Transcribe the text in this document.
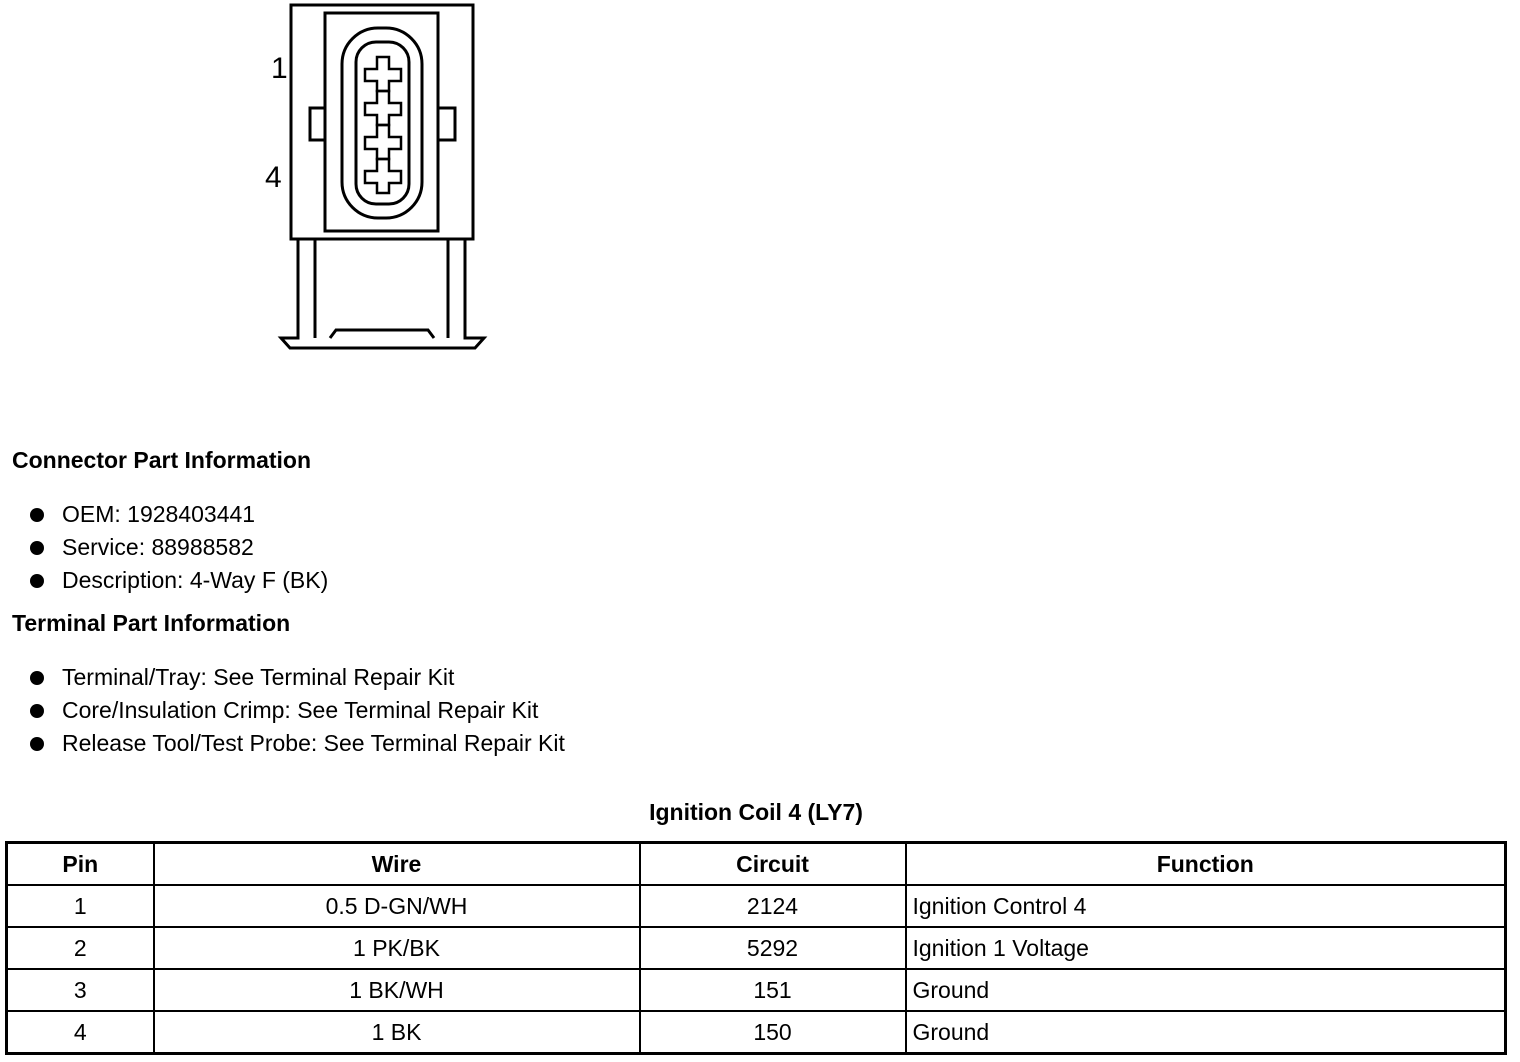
1
4
Connector Part Information
OEM: 1928403441
Service: 88988582
Description: 4-Way F (BK)
Terminal Part Information
Terminal/Tray: See Terminal Repair Kit
Core/Insulation Crimp: See Terminal Repair Kit
Release Tool/Test Probe: See Terminal Repair Kit
Ignition Coil 4 (LY7)
Pin	Wire	Circuit	Function
1	0.5 D-GN/WH	2124	Ignition Control 4
2	1 PK/BK	5292	Ignition 1 Voltage
3	1 BK/WH	151	Ground
4	1 BK	150	Ground
